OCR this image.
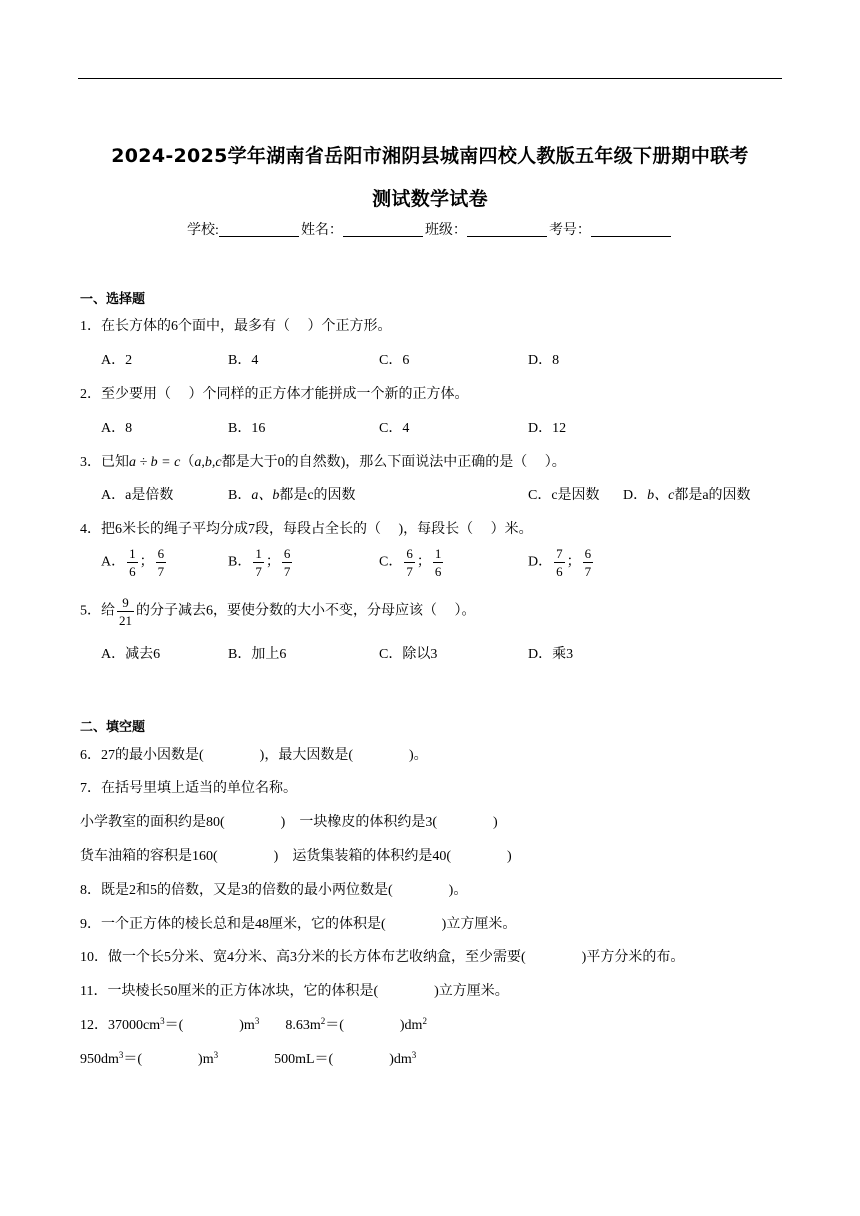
2024-2025学年湖南省岳阳市湘阴县城南四校人教版五年级下册期中联考
测试数学试卷
学校:	姓名：	班级：	考号：
一、选择题
1．在长方体的6个面中，最多有（　 ）个正方形。
A．2	B．4	C．6	D．8
2．至少要用（　 ）个同样的正方体才能拼成一个新的正方体。
A．8	B．16	C．4	D．12
3．已知a ÷ b = c（a,b,c都是大于0的自然数)，那么下面说法中正确的是（　 ）。
A．a是倍数	B．a、b都是c的因数	C．c是因数 D．b、c都是a的因数
4．把6米长的绳子平均分成7段，每段占全长的（　 )，每段长（　 ）米。
A． $\frac{1}{6}$ ； $\frac{6}{7}$	B． $\frac{1}{7}$ ； $\frac{6}{7}$	C． $\frac{6}{7}$ ； $\frac{1}{6}$	D． $\frac{7}{6}$ ； $\frac{6}{7}$
5．给 $\frac{9}{21}$ 的分子减去6，要使分数的大小不变，分母应该（　 ）。
A．减去6	B．加上6	C．除以3	D．乘3
二、填空题
6．27的最小因数是(　　　　)，最大因数是(　　　　)。
7．在括号里填上适当的单位名称。
小学教室的面积约是80(　　　　)　一块橡皮的体积约是3(　　　　)
货车油箱的容积是160(　　　　)　运货集装箱的体积约是40(　　　　)
8．既是2和5的倍数，又是3的倍数的最小两位数是(　　　　)。
9．一个正方体的棱长总和是48厘米，它的体积是(　　　　)立方厘米。
10．做一个长5分米、宽4分米、高3分米的长方体布艺收纳盒，至少需要(　　　　)平方分米的布。
11．一块棱长50厘米的正方体冰块，它的体积是(　　　　)立方厘米。
12．$37000cm^3=$(　　　　)$m^3$ $8.63m^2=$(　　　　)$dm^2$
$950dm^3=$(　　　　)$m^3$	500mL＝(　　　　)$dm^3$
